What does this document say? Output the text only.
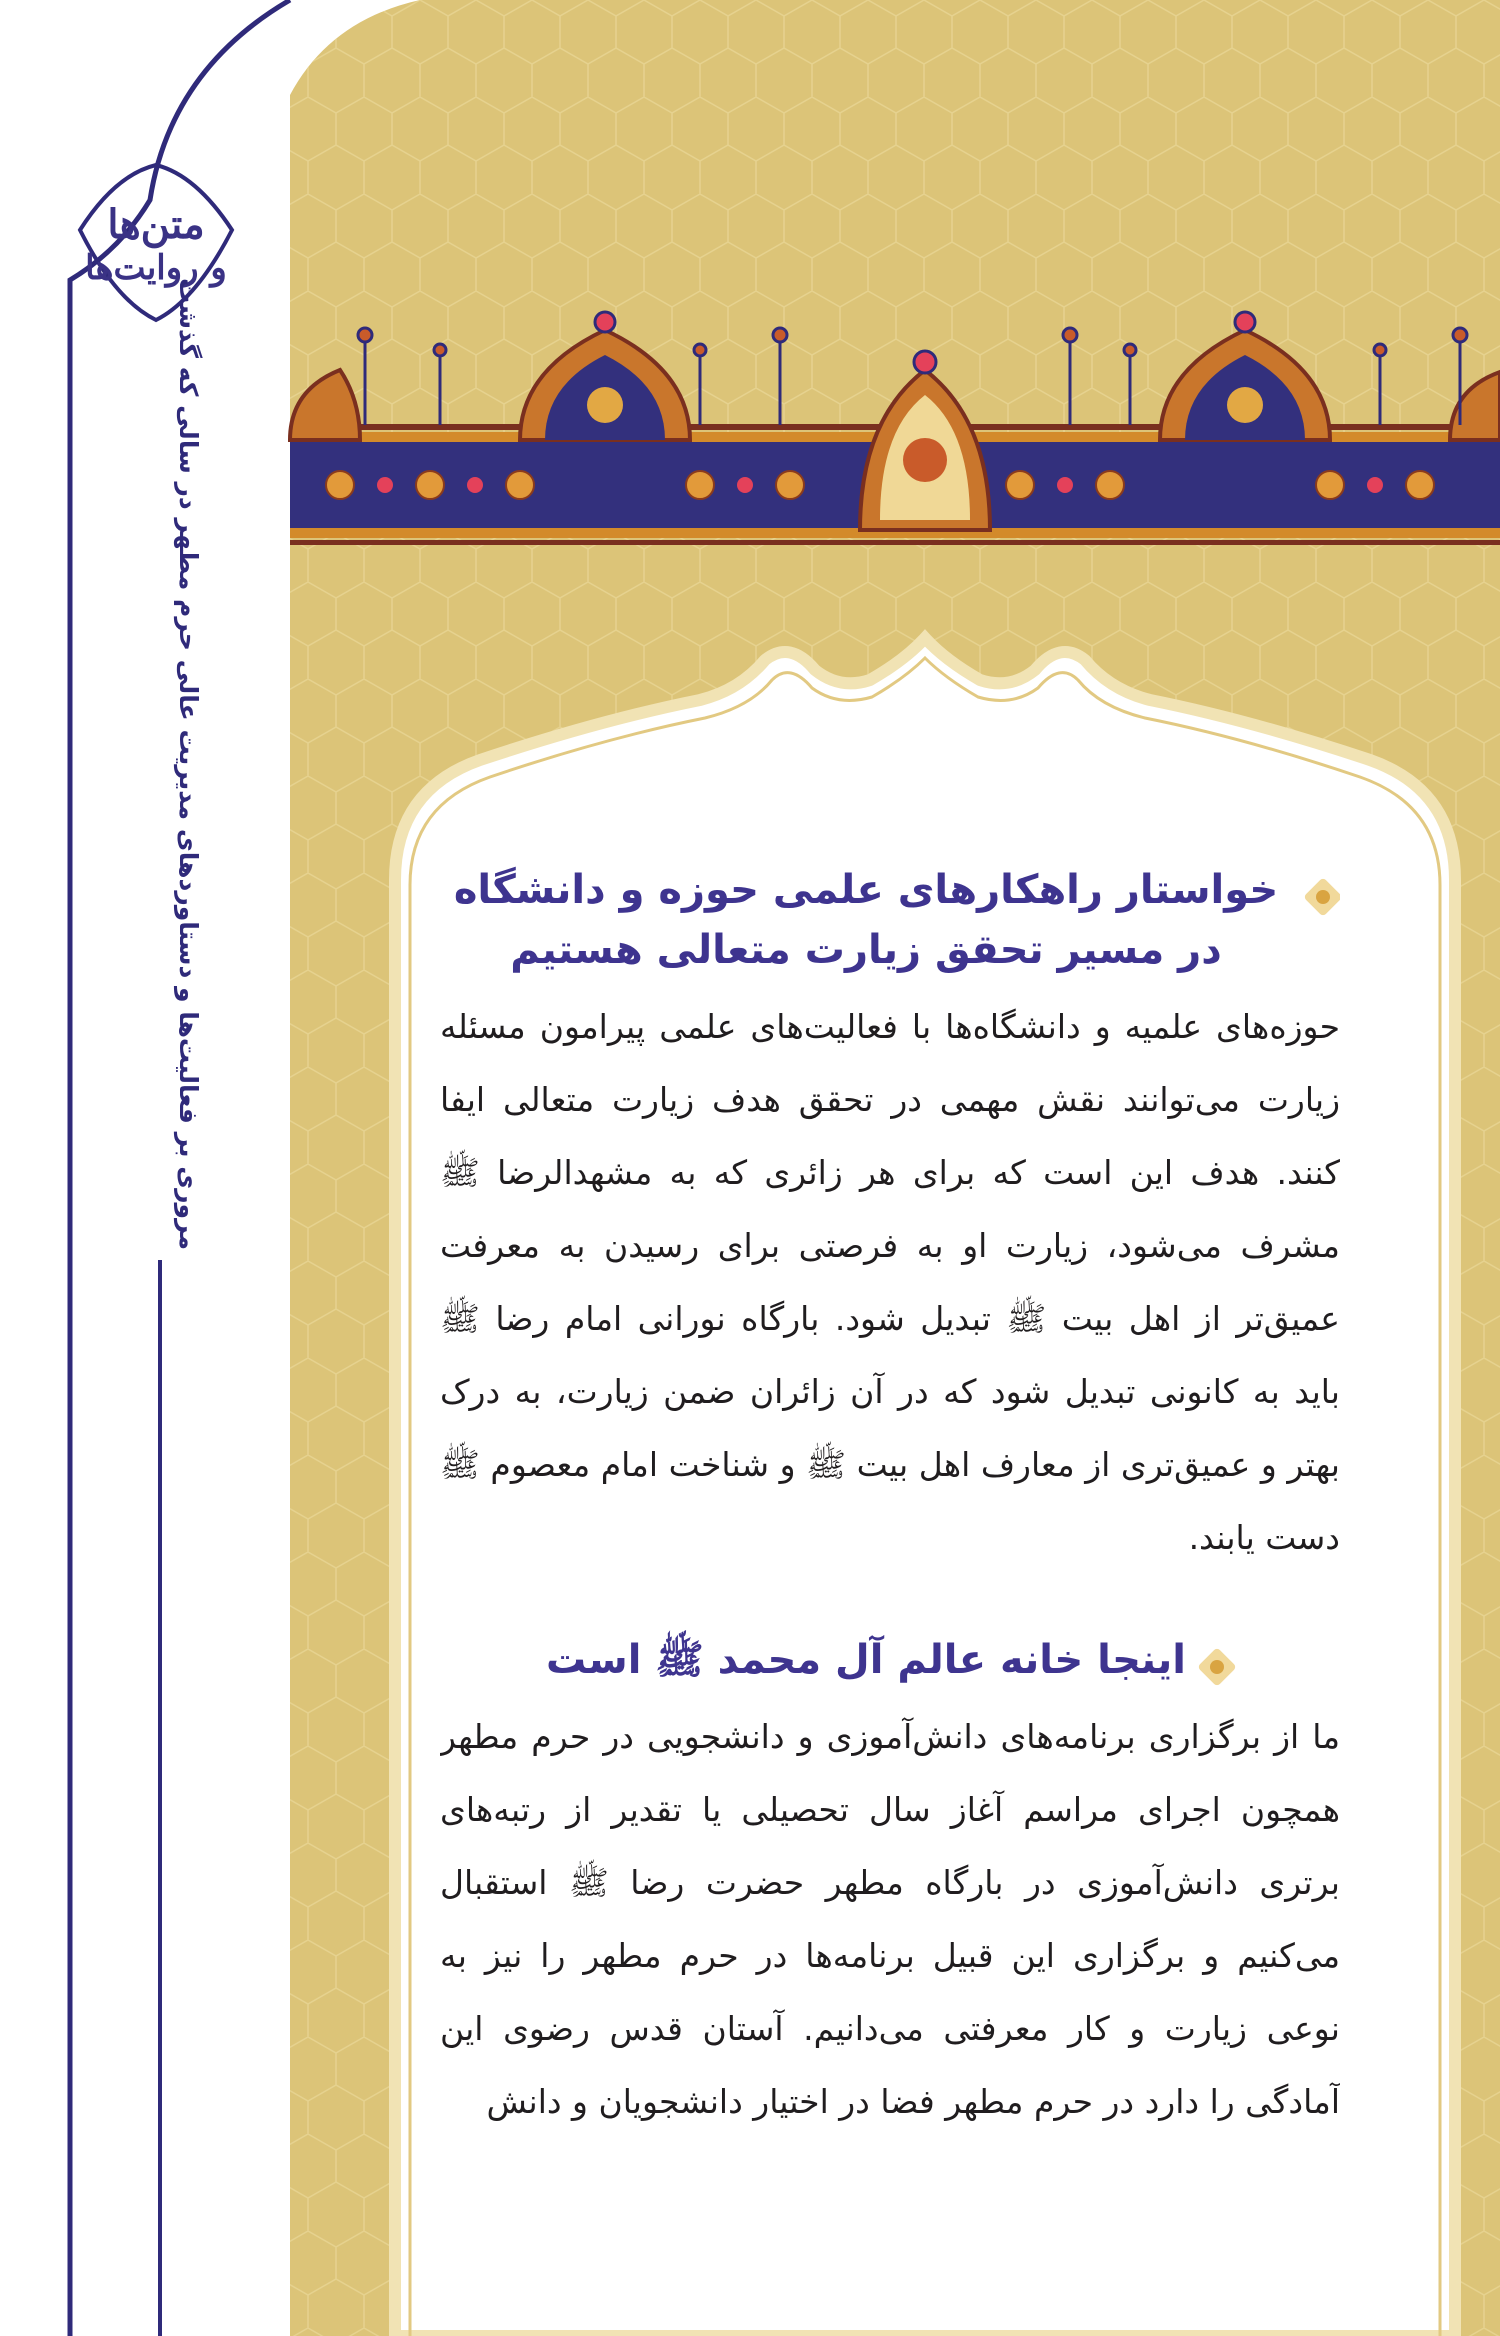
متن‌ها
و روایت‌ها
مروری بر فعالیت‌ها و دستاوردهای مدیریت عالی حرم مطهر در سالی که گذشت	خواستار راهکارهای علمی حوزه و دانشگاه در مسیر تحقق زیارت متعالی هستیم

حوزه‌های علمیه و دانشگاه‌ها با فعالیت‌های علمی پیرامون مسئله زیارت می‌توانند نقش مهمی در تحقق هدف زیارت متعالی ایفا کنند. هدف این است که برای هر زائری که به مشهدالرضا ﷺ مشرف می‌شود، زیارت او به فرصتی برای رسیدن به معرفت عمیق‌تر از اهل بیت ﷺ تبدیل شود. بارگاه نورانی امام رضا ﷺ باید به کانونی تبدیل شود که در آن زائران ضمن زیارت، به درک بهتر و عمیق‌تری از معارف اهل بیت ﷺ و شناخت امام معصوم ﷺ دست یابند.

اینجا خانه عالم آل محمد ﷺ است

ما از برگزاری برنامه‌های دانش‌آموزی و دانشجویی در حرم مطهر همچون اجرای مراسم آغاز سال تحصیلی یا تقدیر از رتبه‌های برتری دانش‌آموزی در بارگاه مطهر حضرت رضا ﷺ استقبال می‌کنیم و برگزاری این قبیل برنامه‌ها در حرم مطهر را نیز به نوعی زیارت و کار معرفتی می‌دانیم. آستان قدس رضوی این آمادگی را دارد در حرم مطهر فضا در اختیار دانشجویان و دانش
